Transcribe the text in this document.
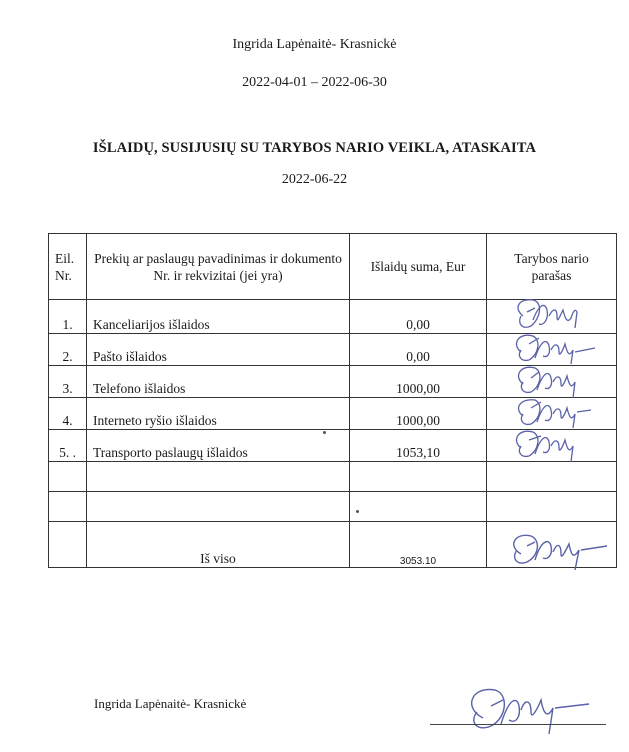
Ingrida Lapėnaitė- Krasnickė
2022-04-01 – 2022-06-30
IŠLAIDŲ, SUSIJUSIŲ SU TARYBOS NARIO VEIKLA, ATASKAITA
2022-06-22
Eil. Nr.	Prekių ar paslaugų pavadinimas ir dokumento Nr. ir rekvizitai (jei yra)	Išlaidų suma, Eur	Tarybos nario parašas
1.	Kanceliarijos išlaidos	0,00	

2.	Pašto išlaidos	0,00	

3.	Telefono išlaidos	1000,00	

4.	Interneto ryšio išlaidos	1000,00	

5. .	Transporto paslaugų išlaidos	1053,10	

	Iš viso	3053.10	
Ingrida Lapėnaitė- Krasnickė
